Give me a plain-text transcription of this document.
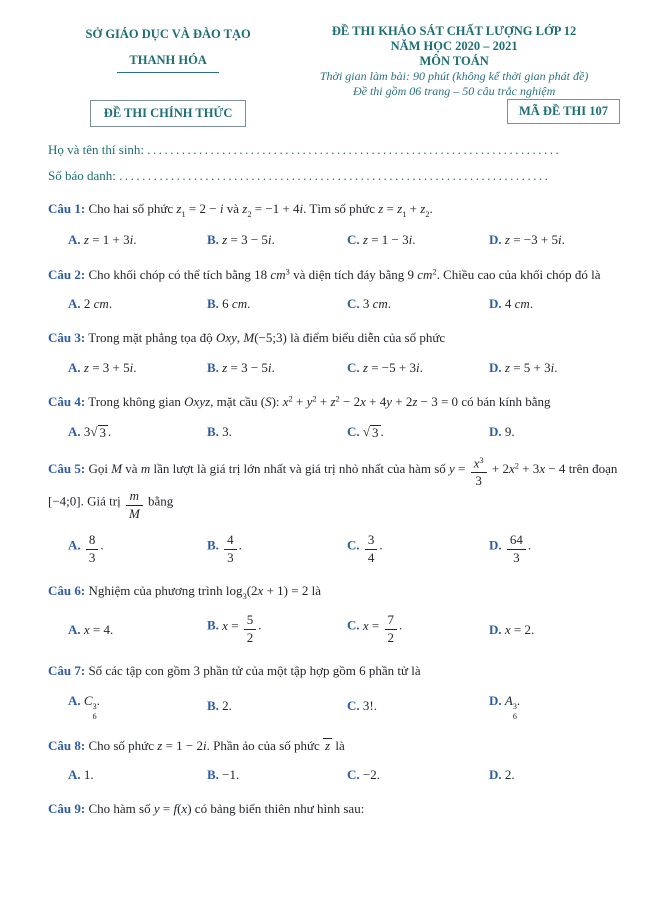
SỞ GIÁO DỤC VÀ ĐÀO TẠO
THANH HÓA
ĐỀ THI CHÍNH THỨC
ĐỀ THI KHẢO SÁT CHẤT LƯỢNG LỚP 12
NĂM HỌC 2020 – 2021
MÔN TOÁN
Thời gian làm bài: 90 phút (không kể thời gian phát đề)
Đề thi gồm 06 trang – 50 câu trắc nghiệm
MÃ ĐỀ THI 107
Họ và tên thí sinh: ........................................................................
Số báo danh: ...........................................................................
Câu 1: Cho hai số phức $z_1 = 2 - i$ và $z_2 = -1 + 4i$. Tìm số phức $z = z_1 + z_2$.
A. z = 1 + 3i.	B. z = 3 − 5i.	C. z = 1 − 3i.	D. z = −3 + 5i.
Câu 2: Cho khối chóp có thể tích bằng 18 $cm^3$ và diện tích đáy bằng 9 $cm^2$. Chiều cao của khối chóp đó là
A. 2 cm.	B. 6 cm.	C. 3 cm.	D. 4 cm.
Câu 3: Trong mặt phẳng tọa độ Oxy, M(−5;3) là điểm biểu diễn của số phức
A. z = 3 + 5i.	B. z = 3 − 5i.	C. z = −5 + 3i.	D. z = 5 + 3i.
Câu 4: Trong không gian Oxyz, mặt cầu (S): $x^2 + y^2 + z^2 - 2x + 4y + 2z - 3 = 0$ có bán kính bằng
A. 3 √ 3 .	B. 3.	C. √ 3 .	D. 9.
Câu 5: Gọi M và m lần lượt là giá trị lớn nhất và giá trị nhỏ nhất của hàm số $y = \frac{x^3}{3} + 2x^2 + 3x - 4$ trên đoạn [−4;0]. Giá trị $\frac{m}{M}$ bằng
A. $\frac{8}{3}$ .	B. $\frac{4}{3}$ .	C. $\frac{3}{4}$ .	D. $\frac{64}{3}$ .
Câu 6: Nghiệm của phương trình $\log_3(2x + 1) = 2$ là
A. x = 4.	B. $x = \frac{5}{2}$ .	C. $x = \frac{7}{2}$ .	D. x = 2.
Câu 7: Số các tập con gồm 3 phần tử của một tập hợp gồm 6 phần tử là
A. C 3
6
.	B. 2.	C. 3!.	D. A 3
6
.
Câu 8: Cho số phức z = 1 − 2i. Phần ảo của số phức z là
A. 1.	B. −1.	C. −2.	D. 2.
Câu 9: Cho hàm số y = f(x) có bảng biến thiên như hình sau:
